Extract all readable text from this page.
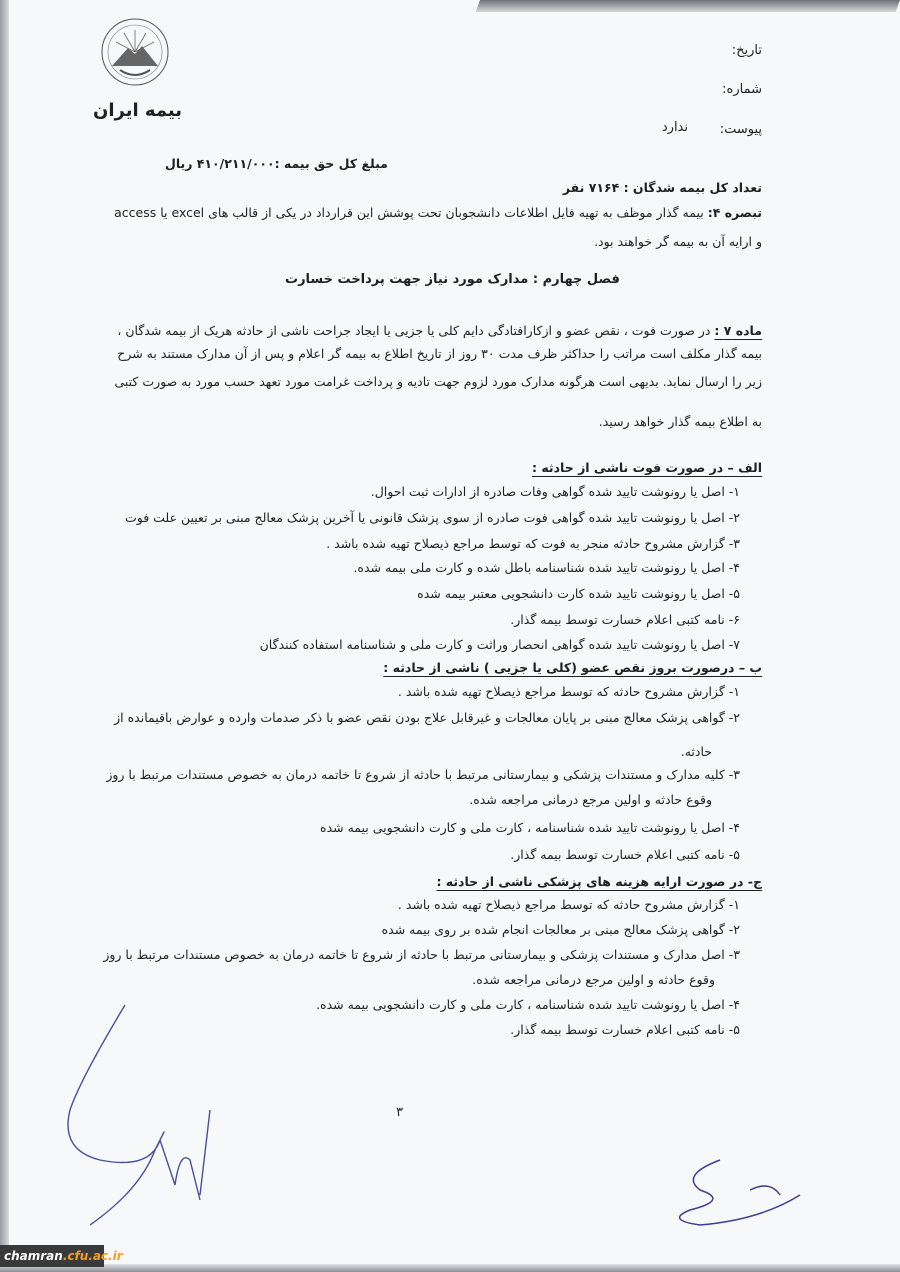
بیمه ایران
تاریخ:
شماره:
پیوست:
ندارد
مبلغ کل حق بیمه :۴۱۰/۲۱۱/۰۰۰ ریال
تعداد کل بیمه شدگان : ۷۱۶۴ نفر
تبصره ۴: بیمه گذار موظف به تهیه فایل اطلاعات دانشجوبان تحت پوشش این قرارداد در یکی از قالب های excel یا access
و ارایه آن به بیمه گر خواهند بود.
فصل چهارم : مدارک مورد نیاز جهت پرداخت خسارت
ماده ۷ : در صورت فوت ، نقص عضو و ازکارافتادگی دایم کلی یا جزیی یا ایجاد جراحت ناشی از حادثه هریک از بیمه شدگان ،
بیمه گذار مکلف است مراتب را حداکثر ظرف مدت ۳۰ روز از تاریخ اطلاع به بیمه گر اعلام و پس از آن مدارک مستند به شرح
زیر را ارسال نماید. بدیهی است هرگونه مدارک مورد لزوم جهت تادیه و پرداخت غرامت مورد تعهد حسب مورد به صورت کتبی
به اطلاع بیمه گذار خواهد رسید.
الف – در صورت فوت ناشی از حادثه :
۱- اصل یا رونوشت تایید شده گواهی وفات صادره از ادارات ثبت احوال.
۲- اصل یا رونوشت تایید شده گواهی فوت صادره از سوی پزشک قانونی یا آخرین پزشک معالج مبنی بر تعیین علت فوت
۳- گزارش مشروح حادثه منجر به فوت که توسط مراجع ذیصلاح تهیه شده باشد .
۴- اصل یا رونوشت تایید شده شناسنامه باطل شده و کارت ملی بیمه شده.
۵- اصل یا رونوشت تایید شده کارت دانشجویی معتبر بیمه شده
۶- نامه کتبی اعلام خسارت توسط بیمه گذار.
۷- اصل یا رونوشت تایید شده گواهی انحصار وراثت و کارت ملی و شناسنامه استفاده کنندگان
ب – درصورت بروز نقص عضو (کلی یا جزیی ) ناشی از حادثه :
۱- گزارش مشروح حادثه که توسط مراجع ذیصلاح تهیه شده باشد .
۲- گواهی پزشک معالج مبنی بر پایان معالجات و غیرقابل علاج بودن نقص عضو با ذکر صدمات وارده و عوارض باقیمانده از
حادثه.
۳- کلیه مدارک و مستندات پزشکی و بیمارستانی مرتبط با حادثه از شروع تا خاتمه درمان به خصوص مستندات مرتبط با روز
وقوع حادثه و اولین مرجع درمانی مراجعه شده.
۴- اصل یا رونوشت تایید شده شناسنامه ، کارت ملی و کارت دانشجویی بیمه شده
۵- نامه کتبی اعلام خسارت توسط بیمه گذار.
ج- در صورت ارایه هزینه های پزشکی ناشی از حادثه :
۱- گزارش مشروح حادثه که توسط مراجع ذیصلاح تهیه شده باشد .
۲- گواهی پزشک معالج مبنی بر معالجات انجام شده بر روی بیمه شده
۳- اصل مدارک و مستندات پزشکی و بیمارستانی مرتبط با حادثه از شروع تا خاتمه درمان به خصوص مستندات مرتبط با روز
وقوع حادثه و اولین مرجع درمانی مراجعه شده.
۴- اصل یا رونوشت تایید شده شناسنامه ، کارت ملی و کارت دانشجویی بیمه شده.
۵- نامه کتبی اعلام خسارت توسط بیمه گذار.
۳
chamran.cfu.ac.ir
